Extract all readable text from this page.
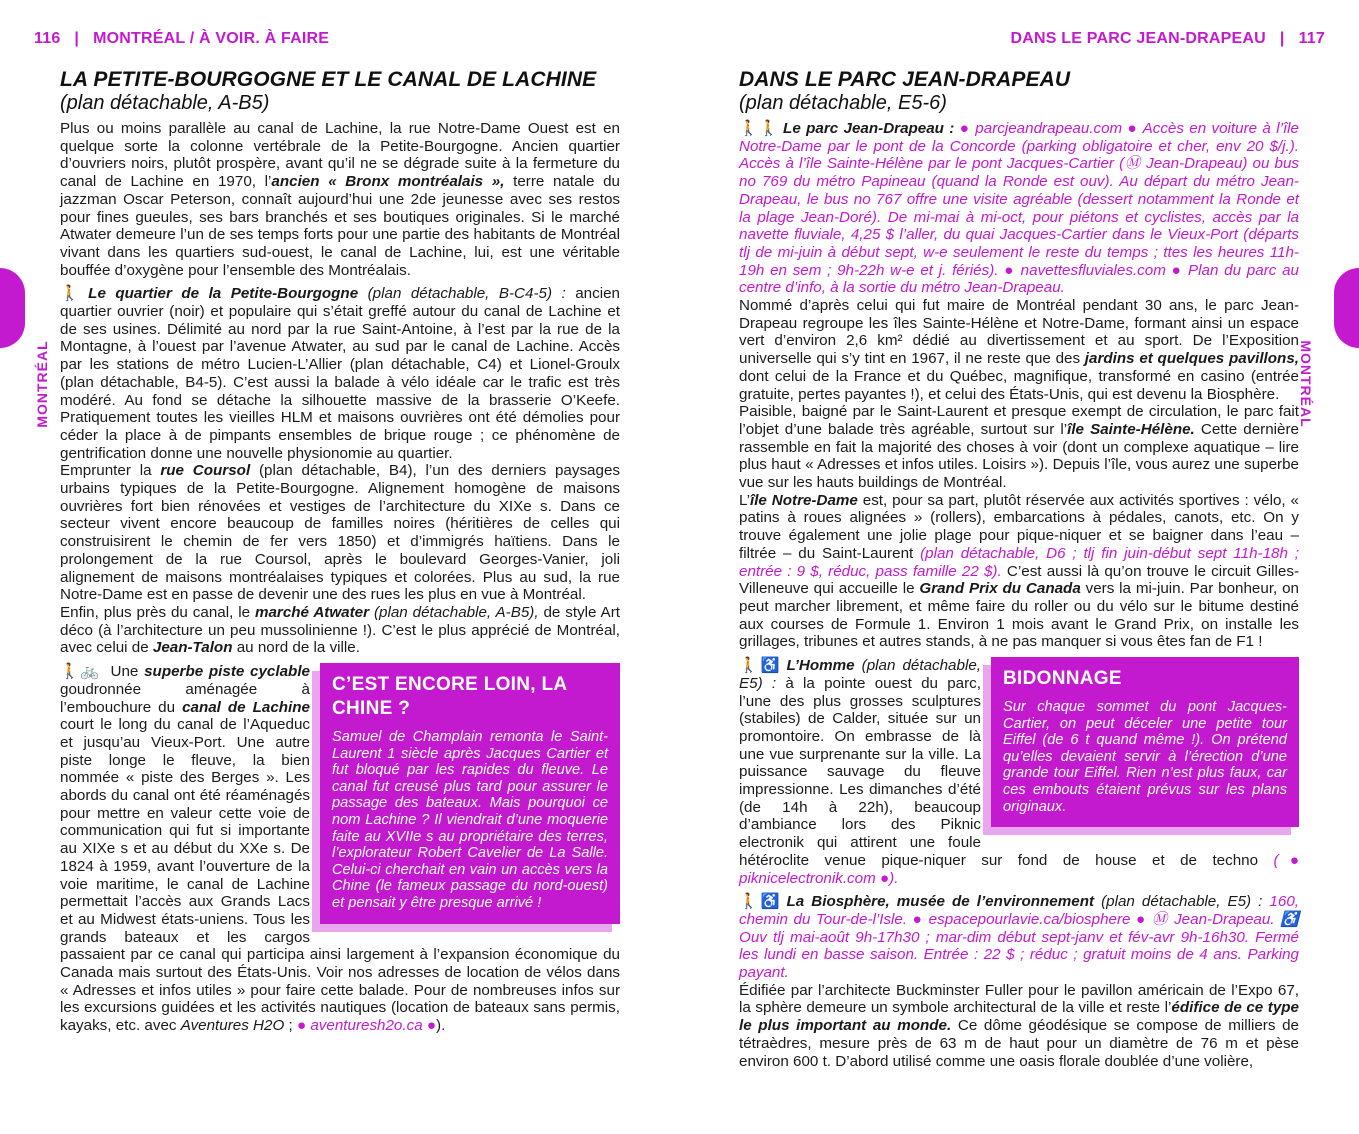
116 | MONTRÉAL / À VOIR. À FAIRE	DANS LE PARC JEAN-DRAPEAU | 117
MONTRÉAL	MONTRÉAL
LA PETITE-BOURGOGNE ET LE CANAL DE LACHINE
(plan détachable, A-B5)

Plus ou moins parallèle au canal de Lachine, la rue Notre-Dame Ouest est en quelque sorte la colonne vertébrale de la Petite-Bourgogne. Ancien quartier d’ouvriers noirs, plutôt prospère, avant qu’il ne se dégrade suite à la fermeture du canal de Lachine en 1970, l’ancien « Bronx montréalais », terre natale du jazzman Oscar Peterson, connaît aujourd’hui une 2de jeunesse avec ses restos pour fines gueules, ses bars branchés et ses boutiques originales. Si le marché Atwater demeure l’un de ses temps forts pour une partie des habitants de Montréal vivant dans les quartiers sud-ouest, le canal de Lachine, lui, est une véritable bouffée d’oxygène pour l’ensemble des Montréalais.

🚶 Le quartier de la Petite-Bourgogne (plan détachable, B-C4-5) : ancien quartier ouvrier (noir) et populaire qui s’était greffé autour du canal de Lachine et de ses usines. Délimité au nord par la rue Saint-Antoine, à l’est par la rue de la Montagne, à l’ouest par l’avenue Atwater, au sud par le canal de Lachine. Accès par les stations de métro Lucien-L’Allier (plan détachable, C4) et Lionel-Groulx (plan détachable, B4-5). C’est aussi la balade à vélo idéale car le trafic est très modéré. Au fond se détache la silhouette massive de la brasserie O’Keefe. Pratiquement toutes les vieilles HLM et maisons ouvrières ont été démolies pour céder la place à de pimpants ensembles de brique rouge ; ce phénomène de gentrification donne une nouvelle physionomie au quartier.

Emprunter la rue Coursol (plan détachable, B4), l’un des derniers paysages urbains typiques de la Petite-Bourgogne. Alignement homogène de maisons ouvrières fort bien rénovées et vestiges de l’architecture du XIXe s. Dans ce secteur vivent encore beaucoup de familles noires (héritières de celles qui construisirent le chemin de fer vers 1850) et d’immigrés haïtiens. Dans le prolongement de la rue Coursol, après le boulevard Georges-Vanier, joli alignement de maisons montréalaises typiques et colorées. Plus au sud, la rue Notre-Dame est en passe de devenir une des rues les plus en vue à Montréal.

Enfin, plus près du canal, le marché Atwater (plan détachable, A-B5), de style Art déco (à l’architecture un peu mussolinienne !). C’est le plus apprécié de Montréal, avec celui de Jean-Talon au nord de la ville.

C’EST ENCORE LOIN, LA CHINE ?
Samuel de Champlain remonta le Saint-Laurent 1 siècle après Jacques Cartier et fut bloqué par les rapides du fleuve. Le canal fut creusé plus tard pour assurer le passage des bateaux. Mais pourquoi ce nom Lachine ? Il viendrait d’une moquerie faite au XVIIe s au propriétaire des terres, l’explorateur Robert Cavelier de La Salle. Celui-ci cherchait en vain un accès vers la Chine (le fameux passage du nord-ouest) et pensait y être presque arrivé !

🚶🚲 Une superbe piste cyclable goudronnée aménagée à l’embouchure du canal de Lachine court le long du canal de l’Aqueduc et jusqu’au Vieux-Port. Une autre piste longe le fleuve, la bien nommée « piste des Berges ». Les abords du canal ont été réaménagés pour mettre en valeur cette voie de communication qui fut si importante au XIXe s et au début du XXe s. De 1824 à 1959, avant l’ouverture de la voie maritime, le canal de Lachine permettait l’accès aux Grands Lacs et au Midwest états-uniens. Tous les grands bateaux et les cargos passaient par ce canal qui participa ainsi largement à l’expansion économique du Canada mais surtout des États-Unis. Voir nos adresses de location de vélos dans « Adresses et infos utiles » pour faire cette balade. Pour de nombreuses infos sur les excursions guidées et les activités nautiques (location de bateaux sans permis, kayaks, etc. avec Aventures H2O ; ● aventuresh2o.ca ●).

DANS LE PARC JEAN-DRAPEAU
(plan détachable, E5-6)

🚶🚶 Le parc Jean-Drapeau : ● parcjeandrapeau.com ● Accès en voiture à l’île Notre-Dame par le pont de la Concorde (parking obligatoire et cher, env 20 $/j.). Accès à l’île Sainte-Hélène par le pont Jacques-Cartier (Ⓜ Jean-Drapeau) ou bus no 769 du métro Papineau (quand la Ronde est ouv). Au départ du métro Jean-Drapeau, le bus no 767 offre une visite agréable (dessert notamment la Ronde et la plage Jean-Doré). De mi-mai à mi-oct, pour piétons et cyclistes, accès par la navette fluviale, 4,25 $ l’aller, du quai Jacques-Cartier dans le Vieux-Port (départs tlj de mi-juin à début sept, w-e seulement le reste du temps ; ttes les heures 11h-19h en sem ; 9h-22h w-e et j. fériés). ● navettesfluviales.com ● Plan du parc au centre d’info, à la sortie du métro Jean-Drapeau.

Nommé d’après celui qui fut maire de Montréal pendant 30 ans, le parc Jean-Drapeau regroupe les îles Sainte-Hélène et Notre-Dame, formant ainsi un espace vert d’environ 2,6 km² dédié au divertissement et au sport. De l’Exposition universelle qui s’y tint en 1967, il ne reste que des jardins et quelques pavillons, dont celui de la France et du Québec, magnifique, transformé en casino (entrée gratuite, pertes payantes !), et celui des États-Unis, qui est devenu la Biosphère.

Paisible, baigné par le Saint-Laurent et presque exempt de circulation, le parc fait l’objet d’une balade très agréable, surtout sur l’île Sainte-Hélène. Cette dernière rassemble en fait la majorité des choses à voir (dont un complexe aquatique – lire plus haut « Adresses et infos utiles. Loisirs »). Depuis l’île, vous aurez une superbe vue sur les hauts buildings de Montréal.

L’île Notre-Dame est, pour sa part, plutôt réservée aux activités sportives : vélo, « patins à roues alignées » (rollers), embarcations à pédales, canots, etc. On y trouve également une jolie plage pour pique-niquer et se baigner dans l’eau – filtrée – du Saint-Laurent (plan détachable, D6 ; tlj fin juin-début sept 11h-18h ; entrée : 9 $, réduc, pass famille 22 $). C’est aussi là qu’on trouve le circuit Gilles-Villeneuve qui accueille le Grand Prix du Canada vers la mi-juin. Par bonheur, on peut marcher librement, et même faire du roller ou du vélo sur le bitume destiné aux courses de Formule 1. Environ 1 mois avant le Grand Prix, on installe les grillages, tribunes et autres stands, à ne pas manquer si vous êtes fan de F1 !

BIDONNAGE
Sur chaque sommet du pont Jacques-Cartier, on peut déceler une petite tour Eiffel (de 6 t quand même !). On prétend qu’elles devaient servir à l’érection d’une grande tour Eiffel. Rien n’est plus faux, car ces embouts étaient prévus sur les plans originaux.

🚶♿ L’Homme (plan détachable, E5) : à la pointe ouest du parc, l’une des plus grosses sculptures (stabiles) de Calder, située sur un promontoire. On embrasse de là une vue surprenante sur la ville. La puissance sauvage du fleuve impressionne. Les dimanches d’été (de 14h à 22h), beaucoup d’ambiance lors des Piknic electronik qui attirent une foule hétéroclite venue pique-niquer sur fond de house et de techno (● piknicelectronik.com ●).

🚶♿ La Biosphère, musée de l’environnement (plan détachable, E5) : 160, chemin du Tour-de-l’Isle. ● espacepourlavie.ca/biosphere ● Ⓜ Jean-Drapeau. ♿ Ouv tlj mai-août 9h-17h30 ; mar-dim début sept-janv et fév-avr 9h-16h30. Fermé les lundi en basse saison. Entrée : 22 $ ; réduc ; gratuit moins de 4 ans. Parking payant.

Édifiée par l’architecte Buckminster Fuller pour le pavillon américain de l’Expo 67, la sphère demeure un symbole architectural de la ville et reste l’édifice de ce type le plus important au monde. Ce dôme géodésique se compose de milliers de tétraèdres, mesure près de 63 m de haut pour un diamètre de 76 m et pèse environ 600 t. D’abord utilisé comme une oasis florale doublée d’une volière,
